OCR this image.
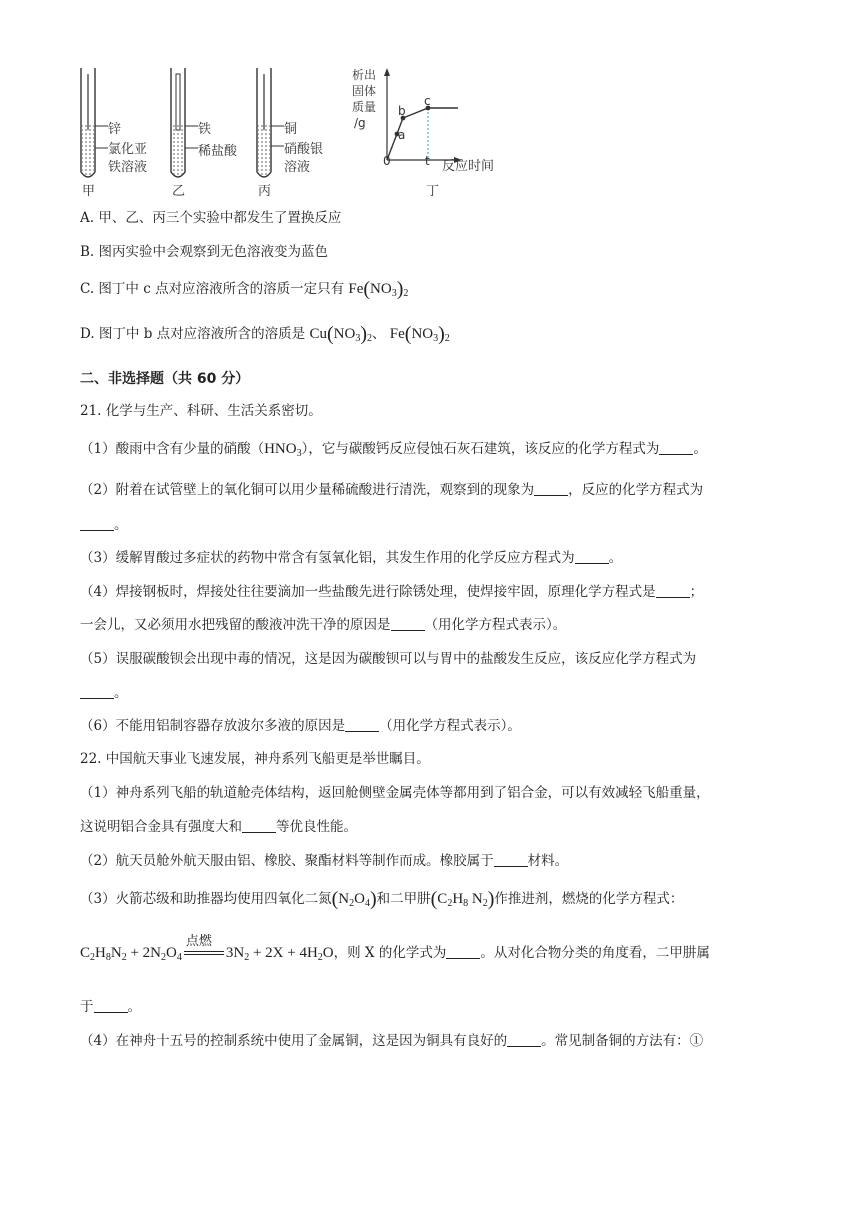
锌
氯化亚
铁溶液
甲
铁
稀盐酸
乙
铜
硝酸银
溶液
丙
析出
固体
质量
/g
0	t 反应时间
丁
a
b
c
A. 甲、乙、丙三个实验中都发生了置换反应
B. 图丙实验中会观察到无色溶液变为蓝色
C. 图丁中 c 点对应溶液所含的溶质一定只有 $Fe(NO_3)_2$
D. 图丁中 b 点对应溶液所含的溶质是 $Cu(NO_3)_2$、 $Fe(NO_3)_2$
二、非选择题（共 60 分）
21. 化学与生产、科研、生活关系密切。
（1）酸雨中含有少量的硝酸$(HNO_3)$，它与碳酸钙反应侵蚀石灰石建筑，该反应的化学方程式为	。
（2）附着在试管壁上的氧化铜可以用少量稀硫酸进行清洗，观察到的现象为	，反应的化学方程式为
。
（3）缓解胃酸过多症状的药物中常含有氢氧化铝，其发生作用的化学反应方程式为	。
（4）焊接钢板时，焊接处往往要滴加一些盐酸先进行除锈处理，使焊接牢固，原理化学方程式是	；
一会儿，又必须用水把残留的酸液冲洗干净的原因是	（用化学方程式表示）。
（5）误服碳酸钡会出现中毒的情况，这是因为碳酸钡可以与胃中的盐酸发生反应，该反应化学方程式为
。
（6）不能用铝制容器存放波尔多液的原因是	（用化学方程式表示）。
22. 中国航天事业飞速发展，神舟系列飞船更是举世瞩目。
（1）神舟系列飞船的轨道舱壳体结构，返回舱侧壁金属壳体等都用到了铝合金，可以有效减轻飞船重量，
这说明铝合金具有强度大和	等优良性能。
（2）航天员舱外航天服由铝、橡胶、聚酯材料等制作而成。橡胶属于	材料。
（3）火箭芯级和助推器均使用四氧化二氮$(N_2O_4)$和二甲肼($C_2H_8$ $N_2$)作推进剂，燃烧的化学方程式：
$C_2H_8N_2 + 2N_2O_4$
点燃
$3N_2 + 2X + 4H_2O$，则 X 的化学式为	。从对化合物分类的角度看，二甲肼属
于	。
（4）在神舟十五号的控制系统中使用了金属铜，这是因为铜具有良好的	。常见制备铜的方法有：①
